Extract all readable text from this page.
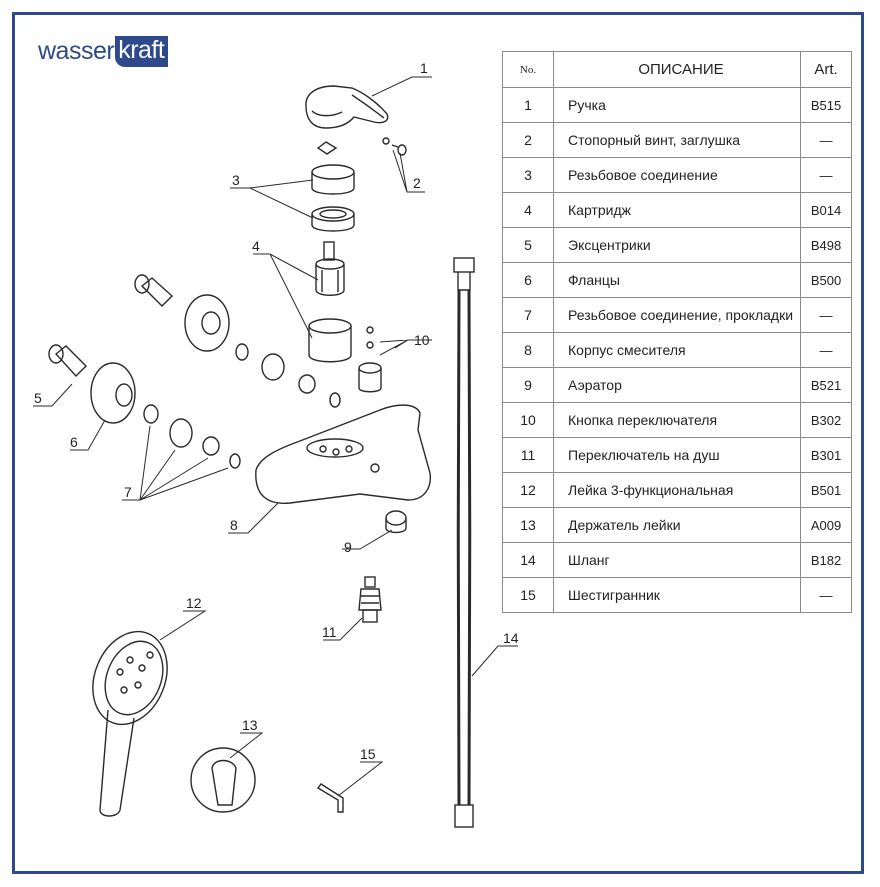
wasser kraft
1
2
3
4
5
6
7
8
9
10
11
12
13
14
15
No.	ОПИСАНИЕ	Art.
1	Ручка	B515
2	Стопорный винт, заглушка	—
3	Резьбовое соединение	—
4	Картридж	B014
5	Эксцентрики	B498
6	Фланцы	B500
7	Резьбовое соединение, прокладки	—
8	Корпус смесителя	—
9	Аэратор	B521
10	Кнопка переключателя	B302
11	Переключатель на душ	B301
12	Лейка 3-функциональная	B501
13	Держатель лейки	A009
14	Шланг	B182
15	Шестигранник	—
